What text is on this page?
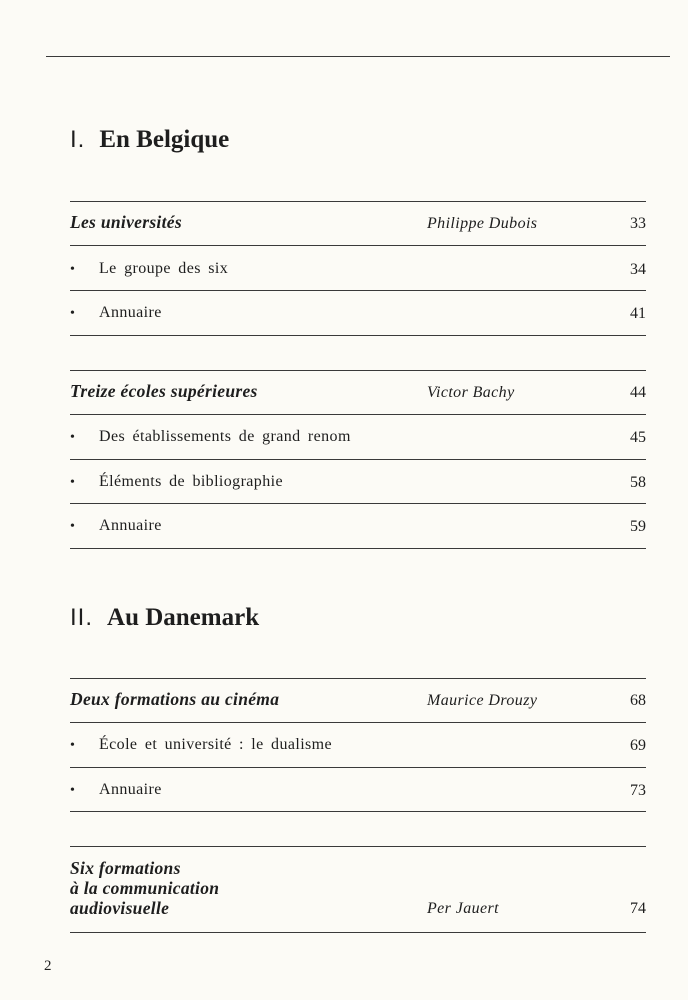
I. En Belgique
Les universités	Philippe Dubois	33
• Le groupe des six	34
• Annuaire	41
Treize écoles supérieures	Victor Bachy	44
• Des établissements de grand renom	45
• Éléments de bibliographie	58
• Annuaire	59
II. Au Danemark
Deux formations au cinéma	Maurice Drouzy	68
• École et université : le dualisme	69
• Annuaire	73
Six formations
à la communication
audiovisuelle	Per Jauert	74
2
